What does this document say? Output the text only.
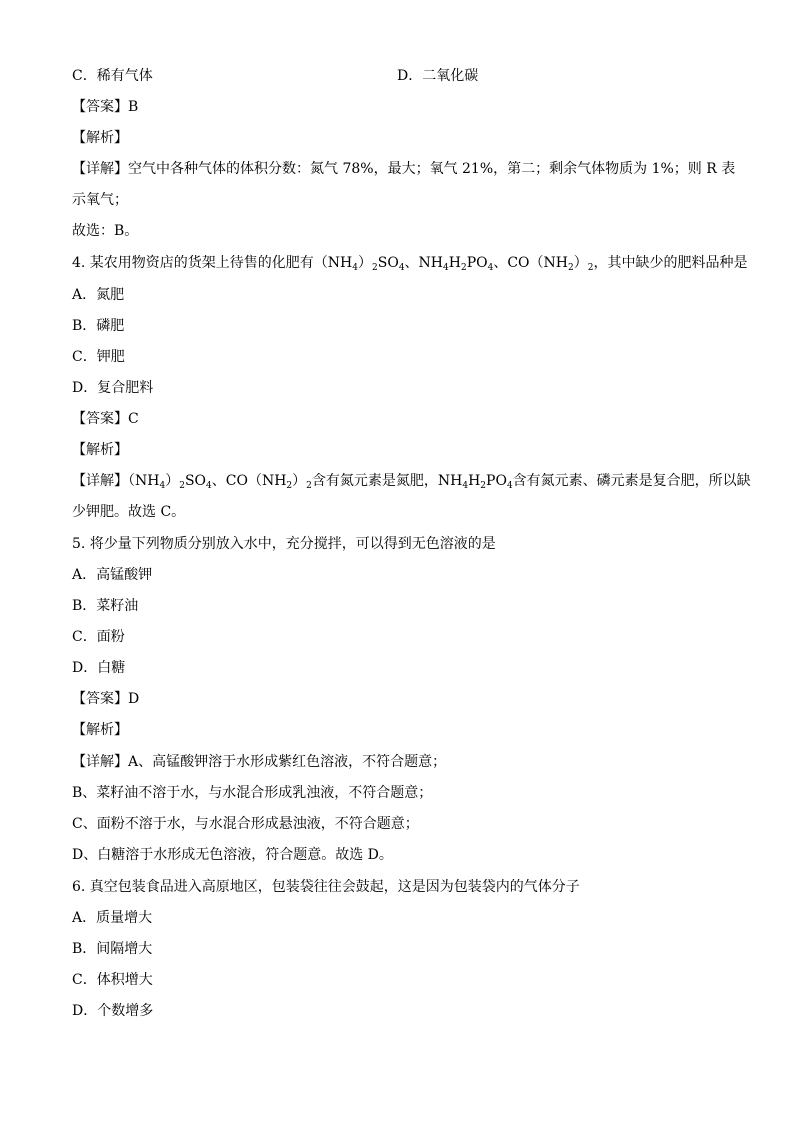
C．稀有气体	D．二氧化碳
【答案】B
【解析】
【详解】空气中各种气体的体积分数：氮气 78%，最大；氧气 21%，第二；剩余气体物质为 1%；则 R 表
示氧气；
故选：B。
4. 某农用物资店的货架上待售的化肥有$(NH_4)_2SO_4$、$NH_4H_2PO_4$、$CO(NH_2)_2$，其中缺少的肥料品种是
A．氮肥
B．磷肥
C．钾肥
D．复合肥料
【答案】C
【解析】
【详解】$(NH_4)_2SO_4$、$CO(NH_2)_2$含有氮元素是氮肥，$NH_4H_2PO_4$含有氮元素、磷元素是复合肥，所以缺
少钾肥。故选 C。
5. 将少量下列物质分别放入水中，充分搅拌，可以得到无色溶液的是
A．高锰酸钾
B．菜籽油
C．面粉
D．白糖
【答案】D
【解析】
【详解】A、高锰酸钾溶于水形成紫红色溶液，不符合题意；
B、菜籽油不溶于水，与水混合形成乳浊液，不符合题意；
C、面粉不溶于水，与水混合形成悬浊液，不符合题意；
D、白糖溶于水形成无色溶液，符合题意。故选 D。
6. 真空包装食品进入高原地区，包装袋往往会鼓起，这是因为包装袋内的气体分子
A．质量增大
B．间隔增大
C．体积增大
D．个数增多
